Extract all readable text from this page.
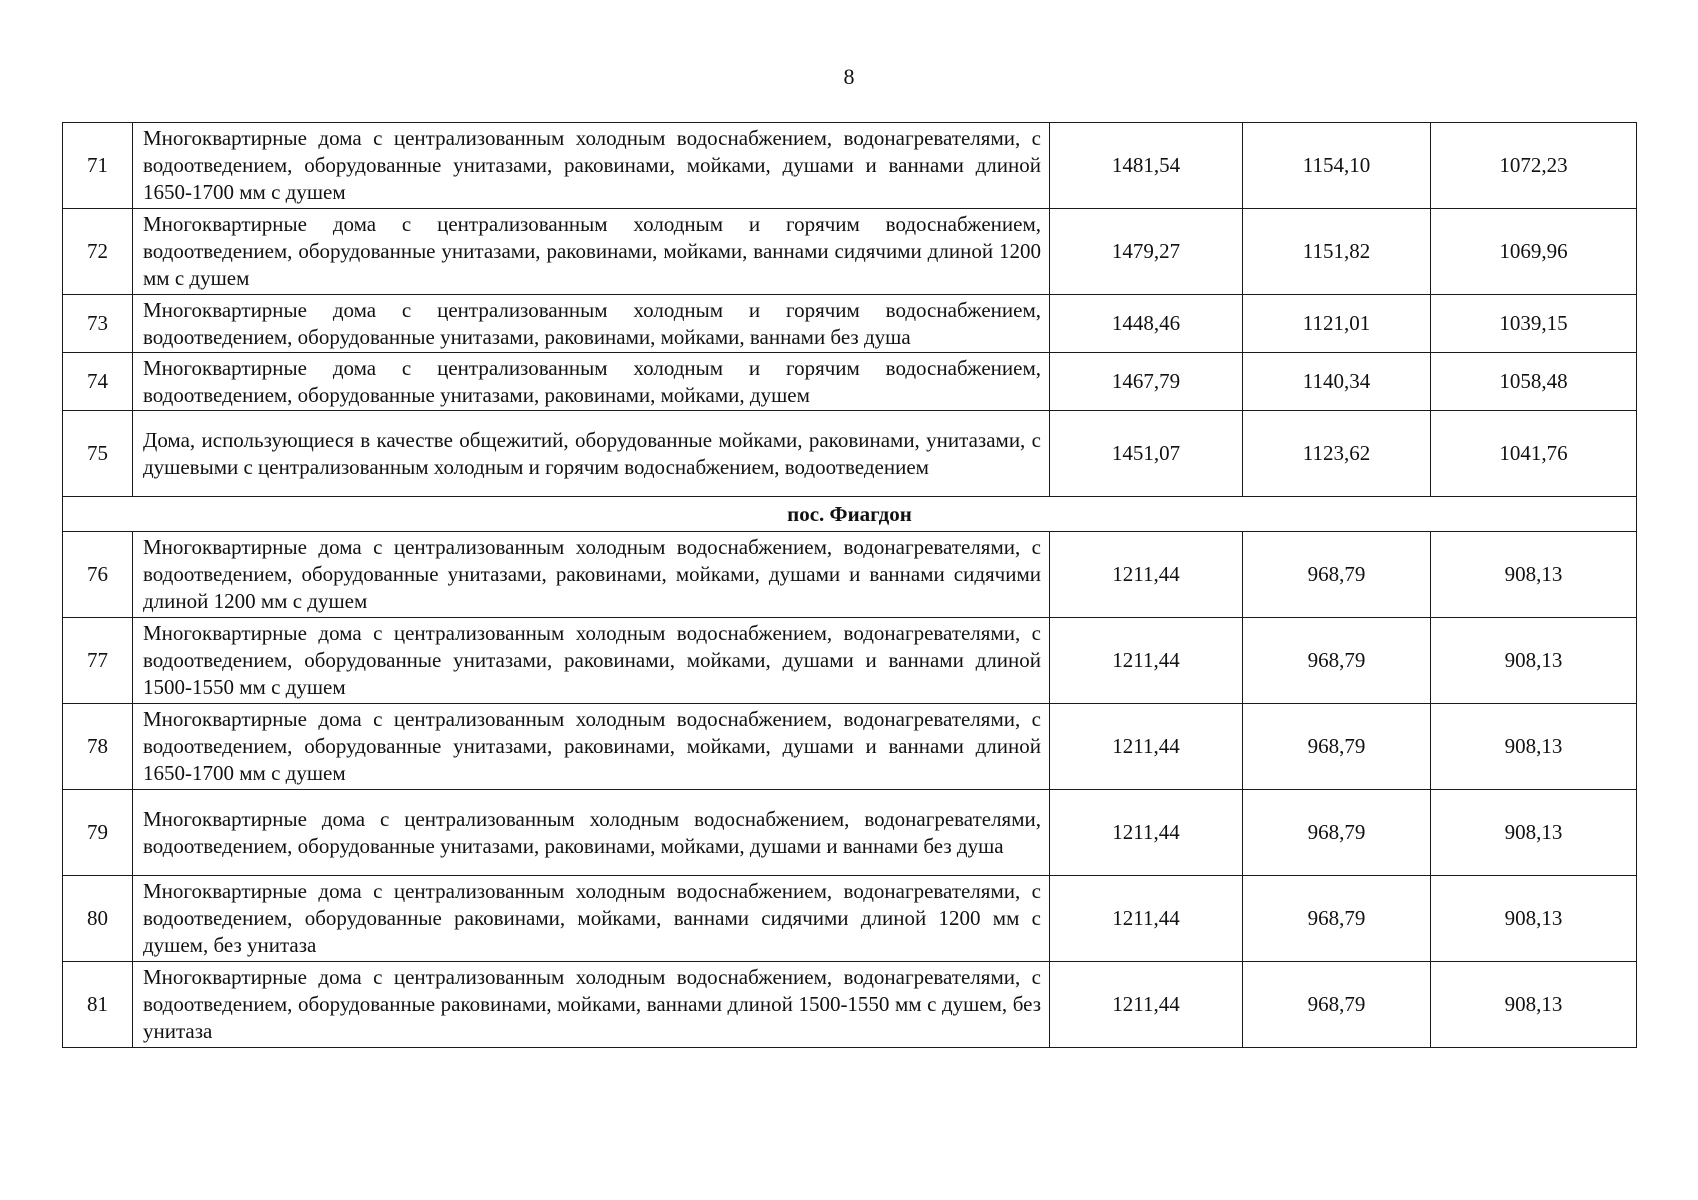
8
71	Многоквартирные дома с централизованным холодным водоснабжением, водонагревателями, с водоотведением, оборудованные унитазами, раковинами, мойками, душами и ваннами длиной 1650-1700 мм с душем	1481,54	1154,10	1072,23
72	Многоквартирные дома с централизованным холодным и горячим водоснабжением, водоотведением, оборудованные унитазами, раковинами, мойками, ваннами сидячими длиной 1200 мм с душем	1479,27	1151,82	1069,96
73	Многоквартирные дома с централизованным холодным и горячим водоснабжением, водоотведением, оборудованные унитазами, раковинами, мойками, ваннами без душа	1448,46	1121,01	1039,15
74	Многоквартирные дома с централизованным холодным и горячим водоснабжением, водоотведением, оборудованные унитазами, раковинами, мойками, душем	1467,79	1140,34	1058,48
75	Дома, использующиеся в качестве общежитий, оборудованные мойками, раковинами, унитазами, с душевыми с централизованным холодным и горячим водоснабжением, водоотведением	1451,07	1123,62	1041,76
пос. Фиагдон				
76	Многоквартирные дома с централизованным холодным водоснабжением, водонагревателями, с водоотведением, оборудованные унитазами, раковинами, мойками, душами и ваннами сидячими длиной 1200 мм с душем	1211,44	968,79	908,13
77	Многоквартирные дома с централизованным холодным водоснабжением, водонагревателями, с водоотведением, оборудованные унитазами, раковинами, мойками, душами и ваннами длиной 1500-1550 мм с душем	1211,44	968,79	908,13
78	Многоквартирные дома с централизованным холодным водоснабжением, водонагревателями, с водоотведением, оборудованные унитазами, раковинами, мойками, душами и ваннами длиной 1650-1700 мм с душем	1211,44	968,79	908,13
79	Многоквартирные дома с централизованным холодным водоснабжением, водонагревателями, водоотведением, оборудованные унитазами, раковинами, мойками, душами и ваннами без душа	1211,44	968,79	908,13
80	Многоквартирные дома с централизованным холодным водоснабжением, водонагревателями, с водоотведением, оборудованные раковинами, мойками, ваннами сидячими длиной 1200 мм с душем, без унитаза	1211,44	968,79	908,13
81	Многоквартирные дома с централизованным холодным водоснабжением, водонагревателями, с водоотведением, оборудованные раковинами, мойками, ваннами длиной 1500-1550 мм с душем, без унитаза	1211,44	968,79	908,13
